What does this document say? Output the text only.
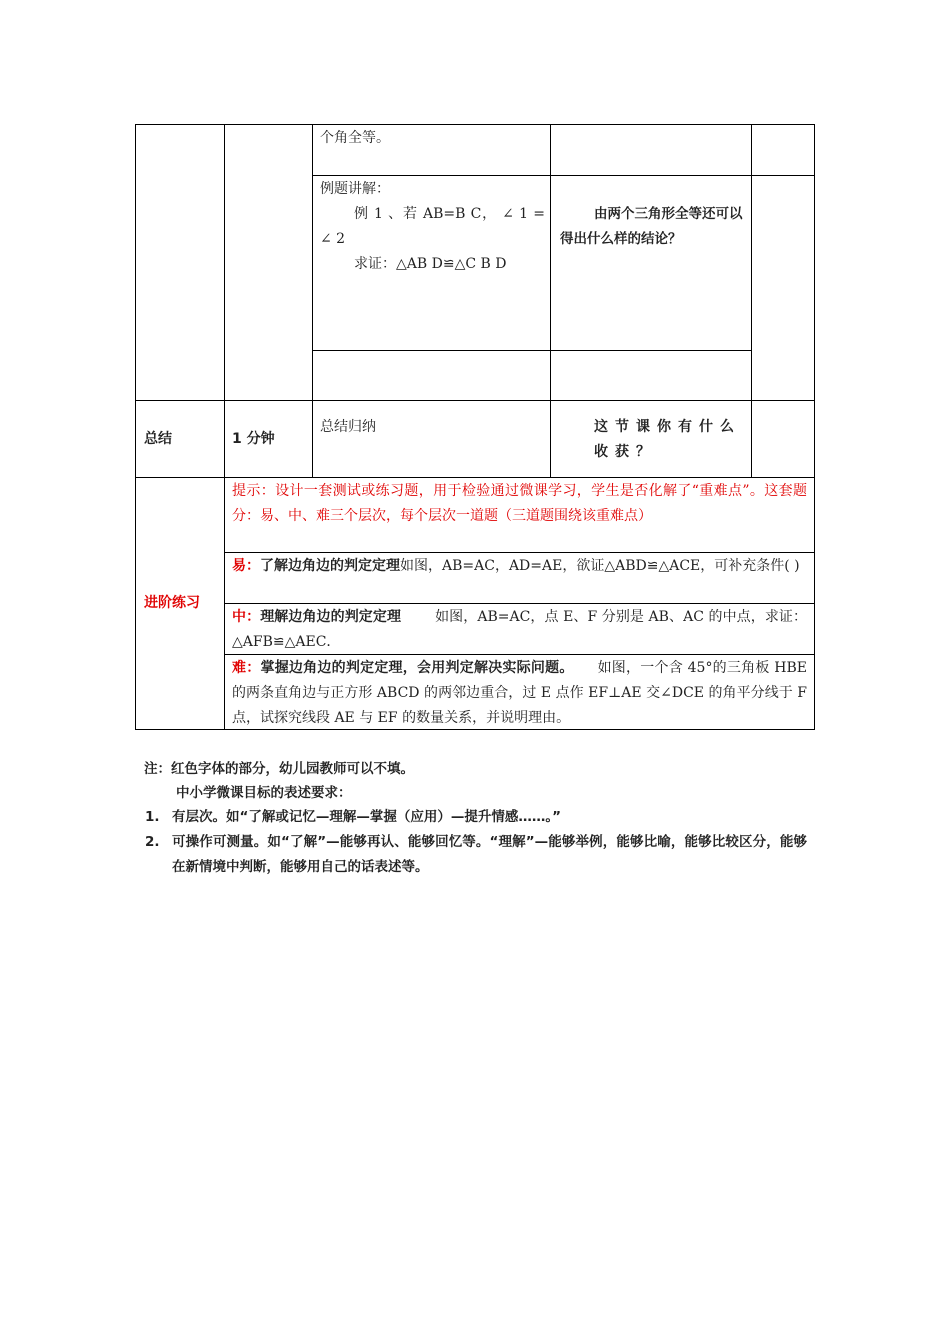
个角全等。
例题讲解：
例 1 、若 AB=B C， ∠ 1 = ∠ 2
求证：△AB D≌△C B D
由两个三角形全等还可以得出什么样的结论？
总结	1 分钟
总结归纳	这节课你有什么收获？
进阶练习
提示：设计一套测试或练习题，用于检验通过微课学习，学生是否化解了“重难点”。这套题分：易、中、难三个层次，每个层次一道题（三道题围绕该重难点）
易：了解边角边的判定定理如图，AB=AC，AD=AE，欲证△ABD≌△ACE，可补充条件( )
中：理解边角边的判定定理 如图，AB=AC，点 E、F 分别是 AB、AC 的中点，求证：△AFB≌△AEC．
难：掌握边角边的判定定理，会用判定解决实际问题。 如图，一个含 45°的三角板 HBE 的两条直角边与正方形 ABCD 的两邻边重合，过 E 点作 EF⊥AE 交∠DCE 的角平分线于 F 点，试探究线段 AE 与 EF 的数量关系，并说明理由。
注：红色字体的部分，幼儿园教师可以不填。
中小学微课目标的表述要求：
1. 有层次。如“了解或记忆—理解—掌握（应用）—提升情感……。”
2. 可操作可测量。如“了解”—能够再认、能够回忆等。“理解”—能够举例，能够比喻，能够比较区分，能够在新情境中判断，能够用自己的话表述等。
